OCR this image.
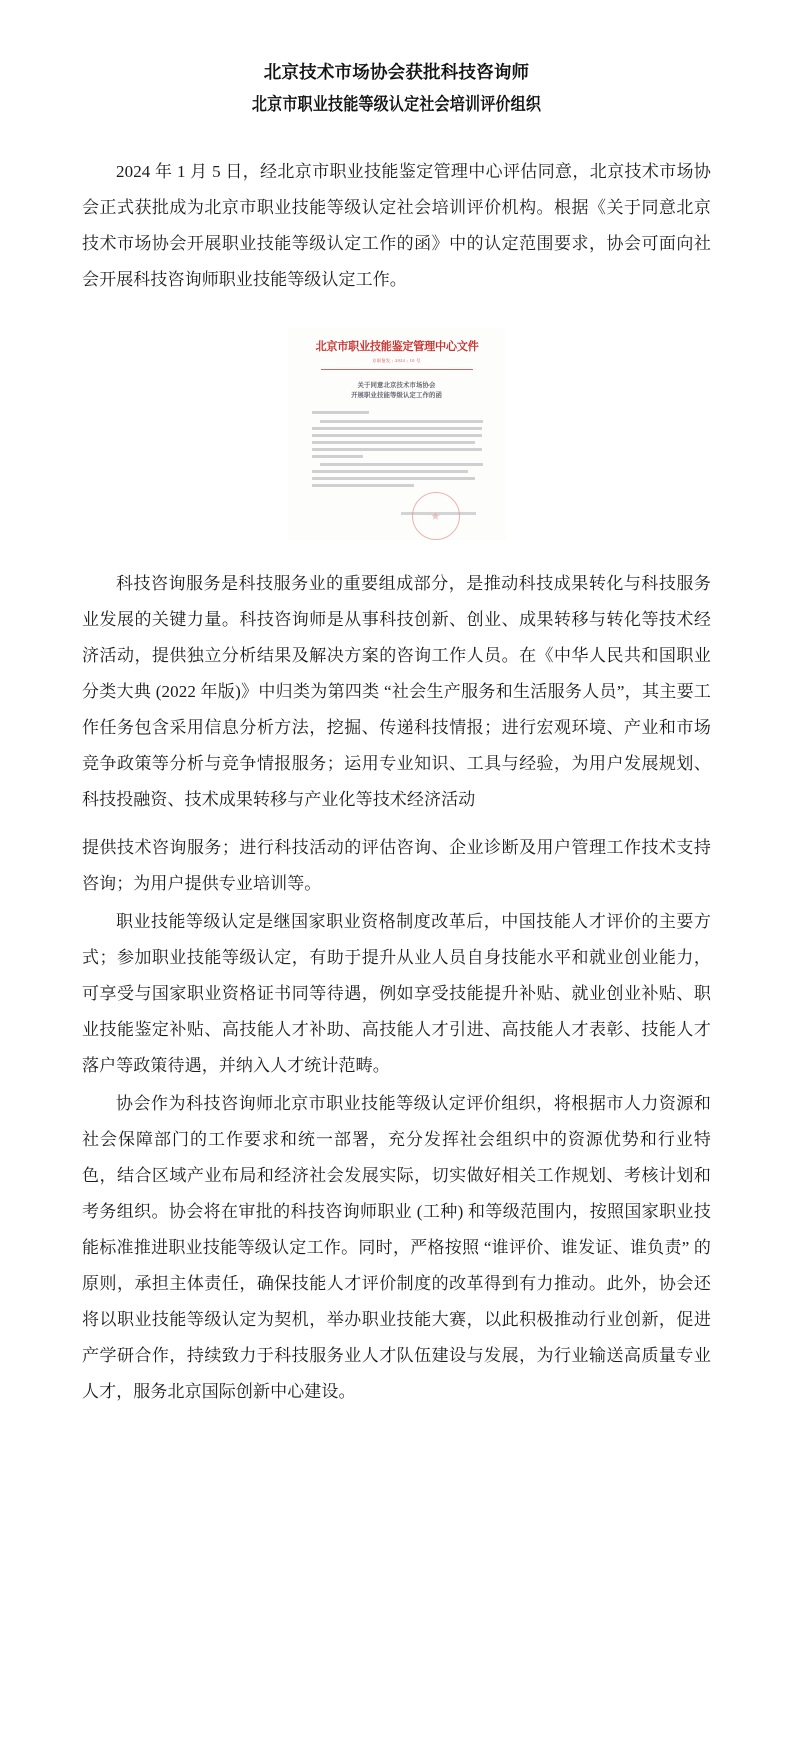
北京技术市场协会获批科技咨询师
北京市职业技能等级认定社会培训评价组织

2024 年 1 月 5 日，经北京市职业技能鉴定管理中心评估同意，北京技术市场协会正式获批成为北京市职业技能等级认定社会培训评价机构。根据《关于同意北京技术市场协会开展职业技能等级认定工作的函》中的认定范围要求，协会可面向社会开展科技咨询师职业技能等级认定工作。

北京市职业技能鉴定管理中心文件
京职鉴发﹝2024﹞10 号
关于同意北京技术市场协会
开展职业技能等级认定工作的函

科技咨询服务是科技服务业的重要组成部分，是推动科技成果转化与科技服务业发展的关键力量。科技咨询师是从事科技创新、创业、成果转移与转化等技术经济活动，提供独立分析结果及解决方案的咨询工作人员。在《中华人民共和国职业分类大典 (2022 年版)》中归类为第四类 “社会生产服务和生活服务人员”，其主要工作任务包含采用信息分析方法，挖掘、传递科技情报；进行宏观环境、产业和市场竞争政策等分析与竞争情报服务；运用专业知识、工具与经验，为用户发展规划、科技投融资、技术成果转移与产业化等技术经济活动

提供技术咨询服务；进行科技活动的评估咨询、企业诊断及用户管理工作技术支持咨询；为用户提供专业培训等。

职业技能等级认定是继国家职业资格制度改革后，中国技能人才评价的主要方式；参加职业技能等级认定，有助于提升从业人员自身技能水平和就业创业能力，可享受与国家职业资格证书同等待遇，例如享受技能提升补贴、就业创业补贴、职业技能鉴定补贴、高技能人才补助、高技能人才引进、高技能人才表彰、技能人才落户等政策待遇，并纳入人才统计范畴。

协会作为科技咨询师北京市职业技能等级认定评价组织，将根据市人力资源和社会保障部门的工作要求和统一部署，充分发挥社会组织中的资源优势和行业特色，结合区域产业布局和经济社会发展实际，切实做好相关工作规划、考核计划和考务组织。协会将在审批的科技咨询师职业 (工种) 和等级范围内，按照国家职业技能标准推进职业技能等级认定工作。同时，严格按照 “谁评价、谁发证、谁负责” 的原则，承担主体责任，确保技能人才评价制度的改革得到有力推动。此外，协会还将以职业技能等级认定为契机，举办职业技能大赛，以此积极推动行业创新，促进产学研合作，持续致力于科技服务业人才队伍建设与发展，为行业输送高质量专业人才，服务北京国际创新中心建设。
